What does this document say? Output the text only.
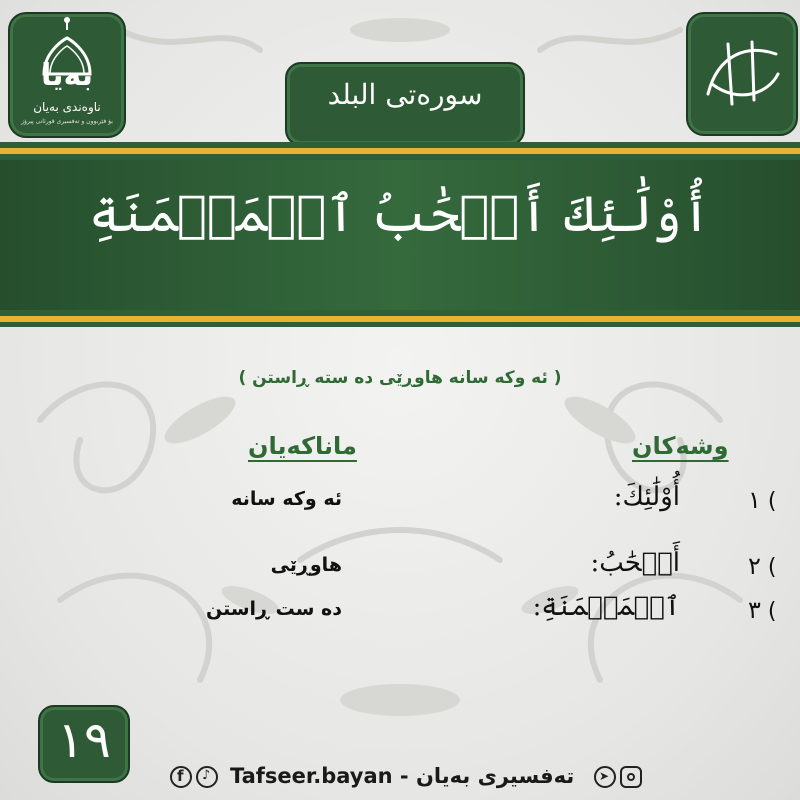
بەیا
ناوەندی بەیان
بۆ فێربوون و تەفسیری قورئانی پیرۆز
سورەتی البلد
أُوْلَٰئِكَ أَصۡحَٰبُ ٱلۡمَيۡمَنَةِ
( ئه وکه سانه هاوڕێی ده سته ڕاستن )
وشەکان
ماناکەیان
١ (
أُوْلَٰئِكَ:
ئه وکه سانه
٢ (
أَصۡحَٰبُ:
هاوڕێی
٣ (
ٱلۡمَيۡمَنَةِ:
ده ست ڕاستن
١٩
f ♪ Tafseer.bayan - تەفسیری بەیان ➤
